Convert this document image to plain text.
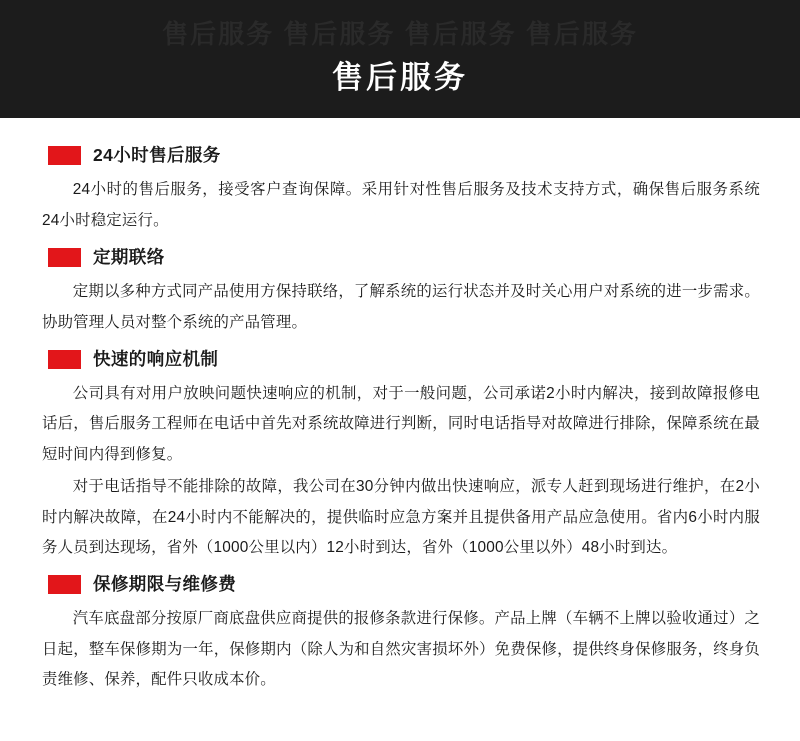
售后服务 售后服务 售后服务 售后服务
售后服务
24小时售后服务

24小时的售后服务，接受客户查询保障。采用针对性售后服务及技术支持方式，确保售后服务系统24小时稳定运行。

定期联络

定期以多种方式同产品使用方保持联络，了解系统的运行状态并及时关心用户对系统的进一步需求。协助管理人员对整个系统的产品管理。

快速的响应机制

公司具有对用户放映问题快速响应的机制，对于一般问题，公司承诺2小时内解决，接到故障报修电话后，售后服务工程师在电话中首先对系统故障进行判断，同时电话指导对故障进行排除，保障系统在最短时间内得到修复。

对于电话指导不能排除的故障，我公司在30分钟内做出快速响应，派专人赶到现场进行维护，在2小时内解决故障，在24小时内不能解决的，提供临时应急方案并且提供备用产品应急使用。省内6小时内服务人员到达现场，省外（1000公里以内）12小时到达，省外（1000公里以外）48小时到达。

保修期限与维修费

汽车底盘部分按原厂商底盘供应商提供的报修条款进行保修。产品上牌（车辆不上牌以验收通过）之日起，整车保修期为一年，保修期内（除人为和自然灾害损坏外）免费保修，提供终身保修服务，终身负责维修、保养，配件只收成本价。
